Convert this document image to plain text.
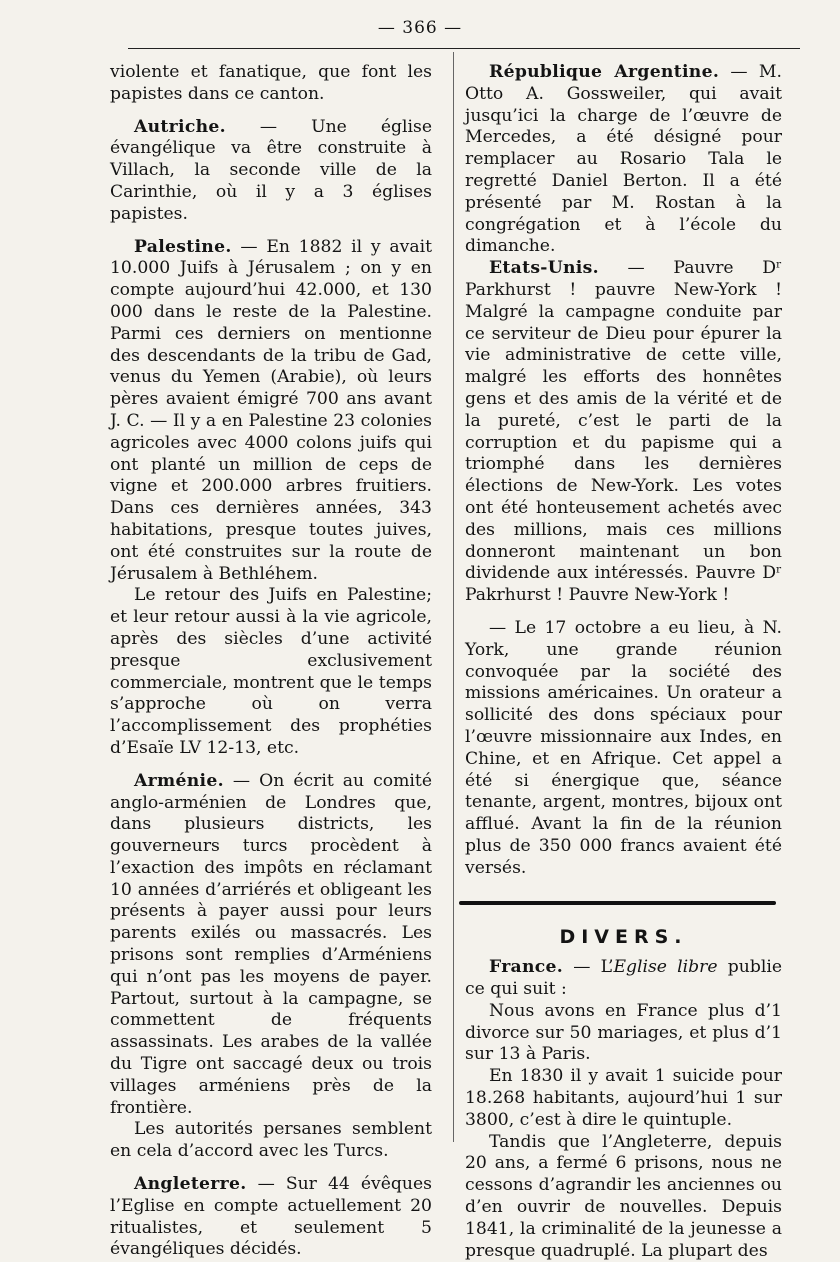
— 366 —

violente et fanatique, que font les papistes dans ce canton.

Autriche. — Une église évangélique va être construite à Villach, la seconde ville de la Carinthie, où il y a 3 églises papistes.

Palestine. — En 1882 il y avait 10.000 Juifs à Jérusalem ; on y en compte aujourd’hui 42.000, et 130 000 dans le reste de la Palestine. Parmi ces derniers on mentionne des descendants de la tribu de Gad, venus du Yemen (Arabie), où leurs pères avaient émigré 700 ans avant J. C. — Il y a en Palestine 23 colonies agricoles avec 4000 colons juifs qui ont planté un million de ceps de vigne et 200.000 arbres fruitiers. Dans ces dernières années, 343 habitations, presque toutes juives, ont été construites sur la route de Jérusalem à Bethléhem.

Le retour des Juifs en Palestine; et leur retour aussi à la vie agricole, après des siècles d’une activité presque exclusivement commerciale, montrent que le temps s’approche où on verra l’accomplissement des prophéties d’Esaïe LV 12-13, etc.

Arménie. — On écrit au comité anglo-arménien de Londres que, dans plusieurs districts, les gouverneurs turcs procèdent à l’exaction des impôts en réclamant 10 années d’arriérés et obligeant les présents à payer aussi pour leurs parents exilés ou massacrés. Les prisons sont remplies d’Arméniens qui n’ont pas les moyens de payer. Partout, surtout à la campagne, se commettent de fréquents assassinats. Les arabes de la vallée du Tigre ont saccagé deux ou trois villages arméniens près de la frontière.

Les autorités persanes semblent en cela d’accord avec les Turcs.

Angleterre. — Sur 44 évêques l’Eglise en compte actuellement 20 ritualistes, et seulement 5 évangéliques décidés.

République Argentine. — M. Otto A. Gossweiler, qui avait jusqu’ici la charge de l’œuvre de Mercedes, a été désigné pour remplacer au Rosario Tala le regretté Daniel Berton. Il a été présenté par M. Rostan à la congrégation et à l’école du dimanche.

Etats-Unis. — Pauvre Dʳ Parkhurst ! pauvre New-York ! Malgré la campagne conduite par ce serviteur de Dieu pour épurer la vie administrative de cette ville, malgré les efforts des honnêtes gens et des amis de la vérité et de la pureté, c’est le parti de la corruption et du papisme qui a triomphé dans les dernières élections de New-York. Les votes ont été honteusement achetés avec des millions, mais ces millions donneront maintenant un bon dividende aux intéressés. Pauvre Dʳ Pakrhurst ! Pauvre New-York !

— Le 17 octobre a eu lieu, à N. York, une grande réunion convoquée par la société des missions américaines. Un orateur a sollicité des dons spéciaux pour l’œuvre missionnaire aux Indes, en Chine, et en Afrique. Cet appel a été si énergique que, séance tenante, argent, montres, bijoux ont afflué. Avant la fin de la réunion plus de 350 000 francs avaient été versés.

DIVERS.

France. — L’Eglise libre publie ce qui suit :

Nous avons en France plus d’1 divorce sur 50 mariages, et plus d’1 sur 13 à Paris.

En 1830 il y avait 1 suicide pour 18.268 habitants, aujourd’hui 1 sur 3800, c’est à dire le quintuple.

Tandis que l’Angleterre, depuis 20 ans, a fermé 6 prisons, nous ne cessons d’agrandir les anciennes ou d’en ouvrir de nouvelles. Depuis 1841, la criminalité de la jeunesse a presque quadruplé. La plupart des
